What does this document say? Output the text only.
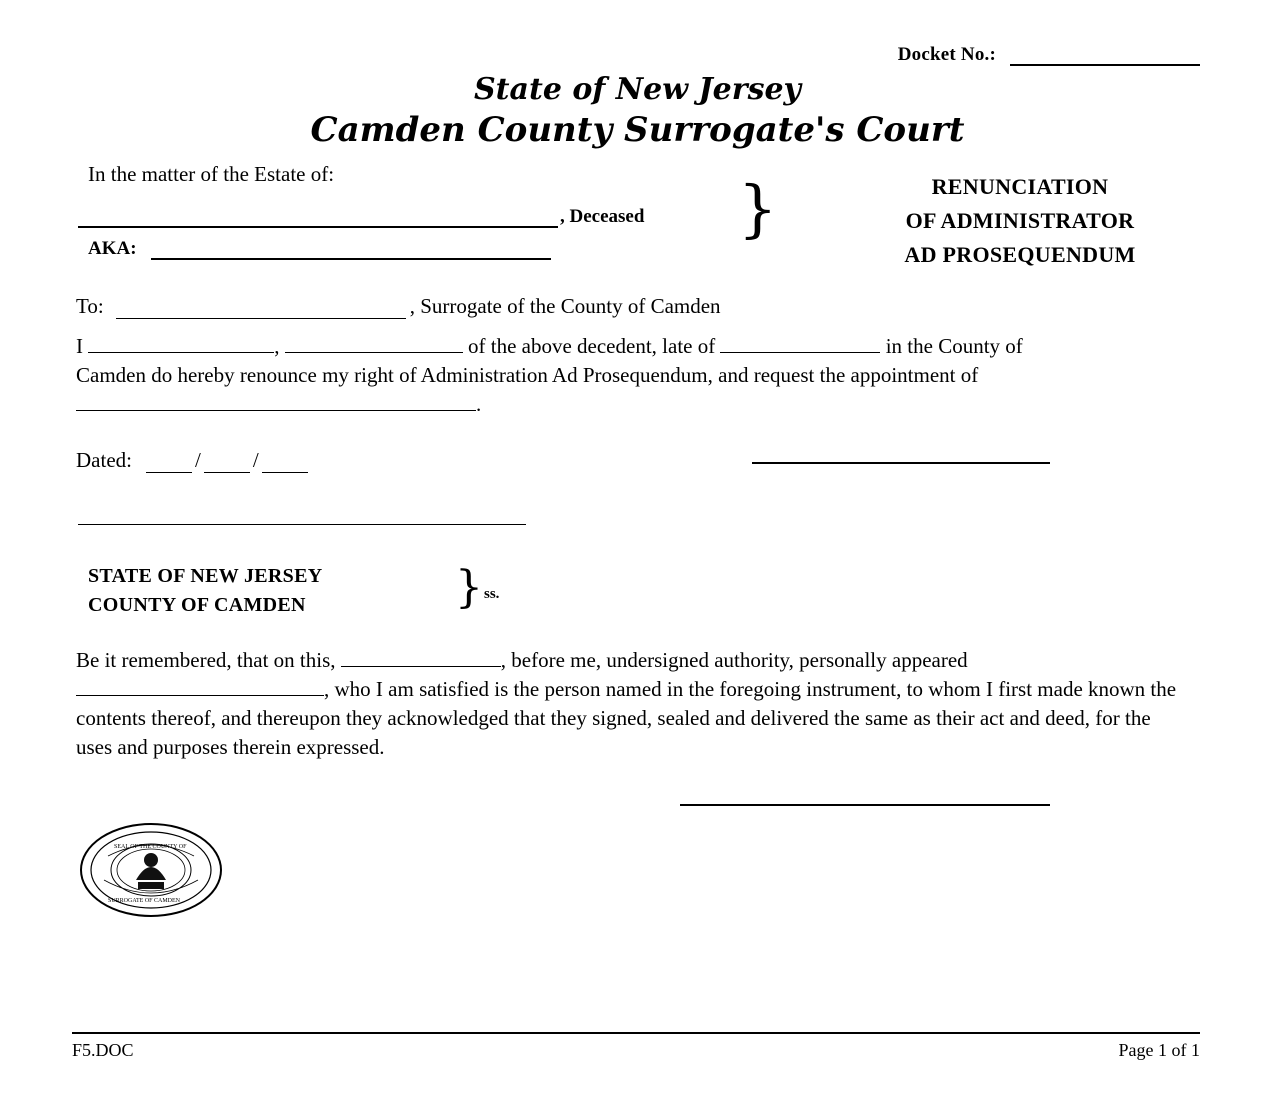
Docket No.:
State of New Jersey
Camden County Surrogate's Court
In the matter of the Estate of:
, Deceased
AKA:
}	RENUNCIATION
OF ADMINISTRATOR
AD PROSEQUENDUM
To:	, Surrogate of the County of Camden
I	,	of the above decedent, late of	in the County of
Camden do hereby renounce my right of Administration Ad Prosequendum, and request the appointment of
.
Dated:	/ /
STATE OF NEW JERSEY
COUNTY OF CAMDEN	} ss.
Be it remembered, that on this,	, before me, undersigned authority, personally appeared
, who I am satisfied is the person named in the foregoing instrument, to whom I first made known the contents thereof, and thereupon they acknowledged that they signed, sealed and delivered the same as their act and deed, for the uses and purposes therein expressed.
SEAL OF THE COUNTY OF
SURROGATE OF CAMDEN
F5.DOC	Page 1 of 1
